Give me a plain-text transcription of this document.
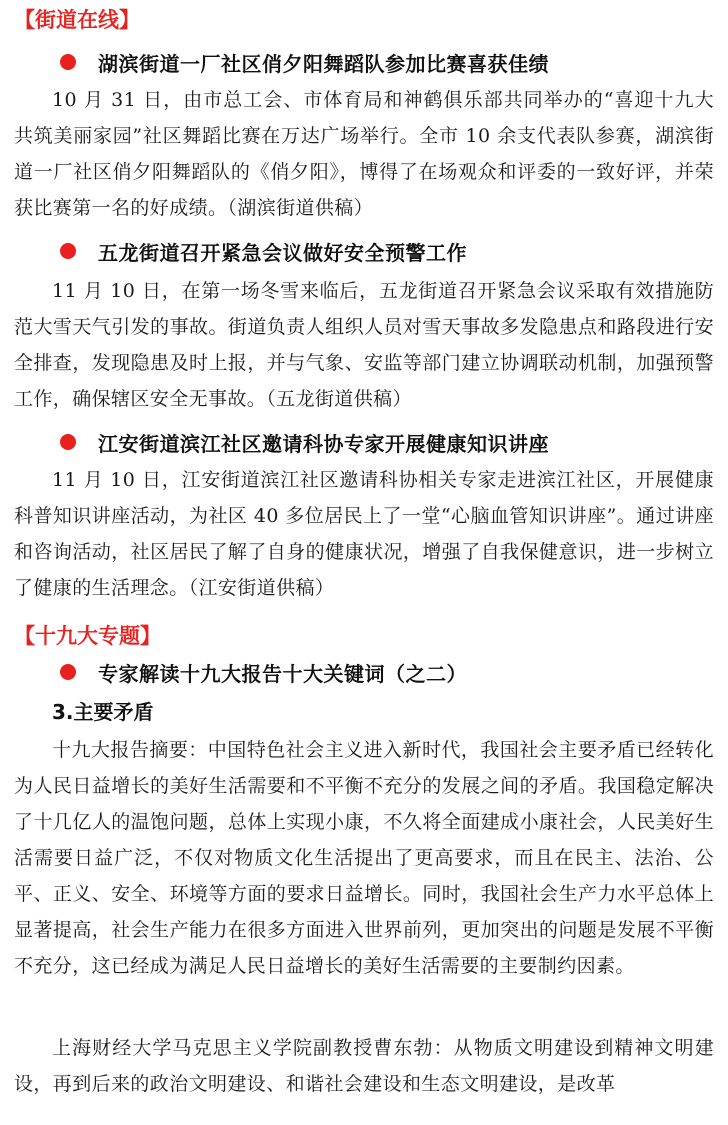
【街道在线】
湖滨街道一厂社区俏夕阳舞蹈队参加比赛喜获佳绩

10 月 31 日，由市总工会、市体育局和神鹤俱乐部共同举办的“喜迎十九大 共筑美丽家园”社区舞蹈比赛在万达广场举行。全市 10 余支代表队参赛，湖滨街道一厂社区俏夕阳舞蹈队的《俏夕阳》，博得了在场观众和评委的一致好评，并荣获比赛第一名的好成绩。（湖滨街道供稿）

五龙街道召开紧急会议做好安全预警工作

11 月 10 日，在第一场冬雪来临后，五龙街道召开紧急会议采取有效措施防范大雪天气引发的事故。街道负责人组织人员对雪天事故多发隐患点和路段进行安全排查，发现隐患及时上报，并与气象、安监等部门建立协调联动机制，加强预警工作，确保辖区安全无事故。（五龙街道供稿）

江安街道滨江社区邀请科协专家开展健康知识讲座

11 月 10 日，江安街道滨江社区邀请科协相关专家走进滨江社区，开展健康科普知识讲座活动，为社区 40 多位居民上了一堂“心脑血管知识讲座”。通过讲座和咨询活动，社区居民了解了自身的健康状况，增强了自我保健意识，进一步树立了健康的生活理念。（江安街道供稿）

【十九大专题】
专家解读十九大报告十大关键词（之二）
3.主要矛盾

十九大报告摘要：中国特色社会主义进入新时代，我国社会主要矛盾已经转化为人民日益增长的美好生活需要和不平衡不充分的发展之间的矛盾。我国稳定解决了十几亿人的温饱问题，总体上实现小康，不久将全面建成小康社会，人民美好生活需要日益广泛，不仅对物质文化生活提出了更高要求，而且在民主、法治、公平、正义、安全、环境等方面的要求日益增长。同时，我国社会生产力水平总体上显著提高，社会生产能力在很多方面进入世界前列，更加突出的问题是发展不平衡不充分，这已经成为满足人民日益增长的美好生活需要的主要制约因素。

上海财经大学马克思主义学院副教授曹东勃：从物质文明建设到精神文明建设，再到后来的政治文明建设、和谐社会建设和生态文明建设，是改革
